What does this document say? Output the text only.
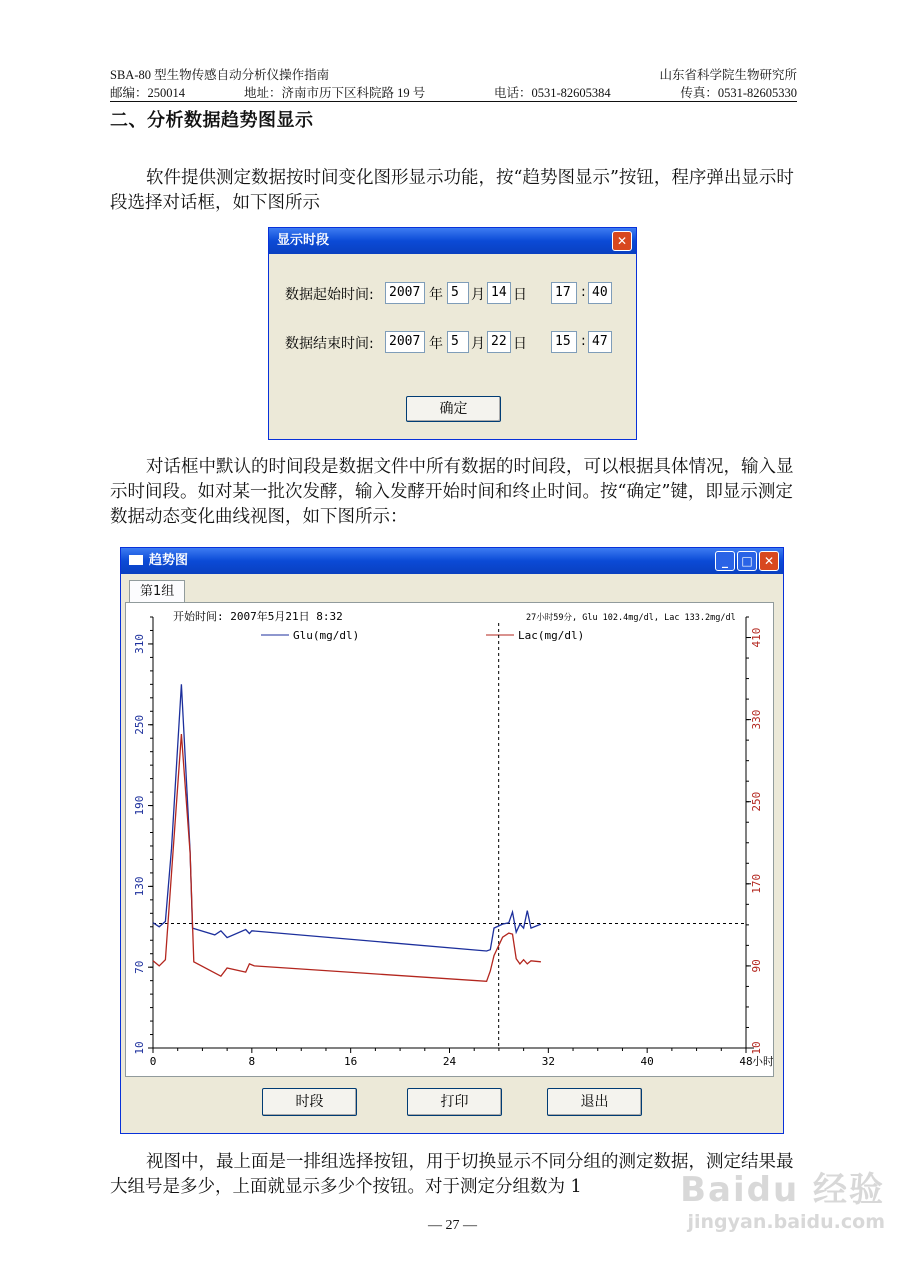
SBA-80 型生物传感自动分析仪操作指南	山东省科学院生物研究所
邮编：250014	地址：济南市历下区科院路 19 号	电话：0531-82605384	传真：0531-82605330
二、分析数据趋势图显示

软件提供测定数据按时间变化图形显示功能，按“趋势图显示”按钮，程序弹出显示时段选择对话框，如下图所示

显示时段	✕
数据起始时间:	2007 年 5 月 14 日	17 : 40
数据结束时间:	2007 年 5 月 22 日	15 : 47
确定

对话框中默认的时间段是数据文件中所有数据的时间段，可以根据具体情况，输入显示时间段。如对某一批次发酵，输入发酵开始时间和终止时间。按“确定”键，即显示测定数据动态变化曲线视图，如下图所示：

趋势图	_	□ ✕
第1组
0	8	16	24	32	40	48 小时
10
70
130
190
250
310
10
90
170
250
330
410
开始时间: 2007年5月21日 8:32	27小时59分, Glu 102.4mg/dl, Lac 133.2mg/dl
Glu(mg/dl)	Lac(mg/dl)
时段	打印	退出

视图中，最上面是一排组选择按钮，用于切换显示不同分组的测定数据，测定结果最大组号是多少，上面就显示多少个按钮。对于测定分组数为 1

— 27 —
Baidu 经验
jingyan.baidu.com
